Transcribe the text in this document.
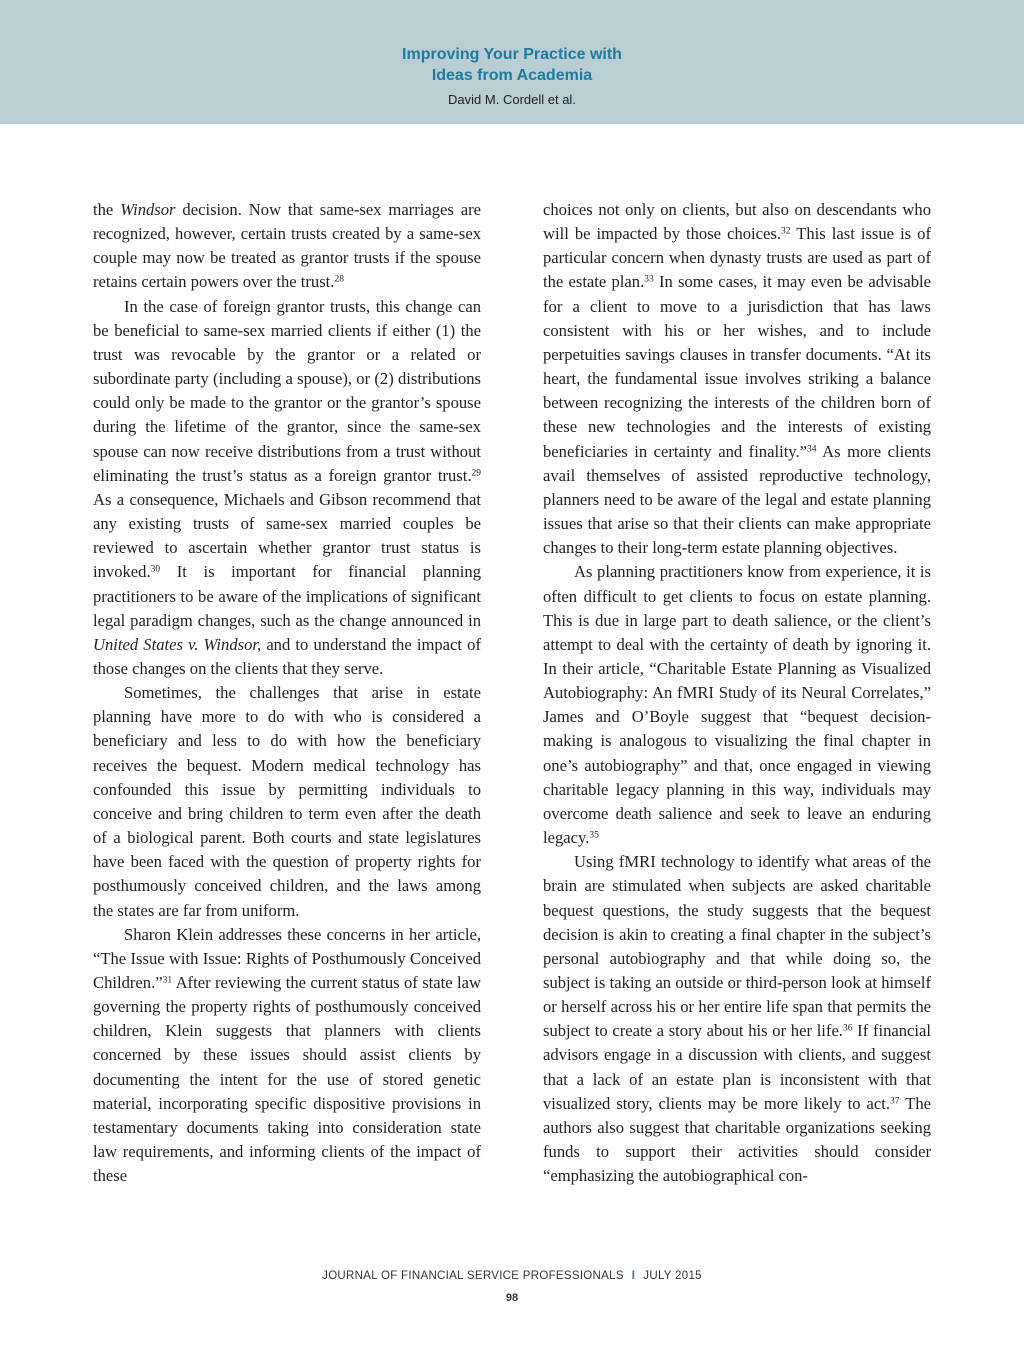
Improving Your Practice with
Ideas from Academia
David M. Cordell et al.

the Windsor decision. Now that same-sex marriages are recognized, however, certain trusts created by a same-sex couple may now be treated as grantor trusts if the spouse retains certain powers over the trust.$^{28}$

In the case of foreign grantor trusts, this change can be beneficial to same-sex married clients if either (1) the trust was revocable by the grantor or a related or subordinate party (including a spouse), or (2) distributions could only be made to the grantor or the grantor’s spouse during the lifetime of the grantor, since the same-sex spouse can now receive distributions from a trust without eliminating the trust’s status as a foreign grantor trust.$^{29}$ As a consequence, Michaels and Gibson recommend that any existing trusts of same-sex married couples be reviewed to ascertain whether grantor trust status is invoked.$^{30}$ It is important for financial planning practitioners to be aware of the implications of significant legal paradigm changes, such as the change announced in United States v. Windsor, and to understand the impact of those changes on the clients that they serve.

Sometimes, the challenges that arise in estate planning have more to do with who is considered a beneficiary and less to do with how the beneficiary receives the bequest. Modern medical technology has confounded this issue by permitting individuals to conceive and bring children to term even after the death of a biological parent. Both courts and state legislatures have been faced with the question of property rights for posthumously conceived children, and the laws among the states are far from uniform.

Sharon Klein addresses these concerns in her article, “The Issue with Issue: Rights of Posthumously Conceived Children.”$^{31}$ After reviewing the current status of state law governing the property rights of posthumously conceived children, Klein suggests that planners with clients concerned by these issues should assist clients by documenting the intent for the use of stored genetic material, incorporating specific dispositive provisions in testamentary documents taking into consideration state law requirements, and informing clients of the impact of these

choices not only on clients, but also on descendants who will be impacted by those choices.$^{32}$ This last issue is of particular concern when dynasty trusts are used as part of the estate plan.$^{33}$ In some cases, it may even be advisable for a client to move to a jurisdiction that has laws consistent with his or her wishes, and to include perpetuities savings clauses in transfer documents. “At its heart, the fundamental issue involves striking a balance between recognizing the interests of the children born of these new technologies and the interests of existing beneficiaries in certainty and finality.”$^{34}$ As more clients avail themselves of assisted reproductive technology, planners need to be aware of the legal and estate planning issues that arise so that their clients can make appropriate changes to their long-term estate planning objectives.

As planning practitioners know from experience, it is often difficult to get clients to focus on estate planning. This is due in large part to death salience, or the client’s attempt to deal with the certainty of death by ignoring it. In their article, “Charitable Estate Planning as Visualized Autobiography: An fMRI Study of its Neural Correlates,” James and O’Boyle suggest that “bequest decision-making is analogous to visualizing the final chapter in one’s autobiography” and that, once engaged in viewing charitable legacy planning in this way, individuals may overcome death salience and seek to leave an enduring legacy.$^{35}$

Using fMRI technology to identify what areas of the brain are stimulated when subjects are asked charitable bequest questions, the study suggests that the bequest decision is akin to creating a final chapter in the subject’s personal autobiography and that while doing so, the subject is taking an outside or third-person look at himself or herself across his or her entire life span that permits the subject to create a story about his or her life.$^{36}$ If financial advisors engage in a discussion with clients, and suggest that a lack of an estate plan is inconsistent with that visualized story, clients may be more likely to act.$^{37}$ The authors also suggest that charitable organizations seeking funds to support their activities should consider “emphasizing the autobiographical con-

JOURNAL OF FINANCIAL SERVICE PROFESSIONALS I JULY 2015
98
